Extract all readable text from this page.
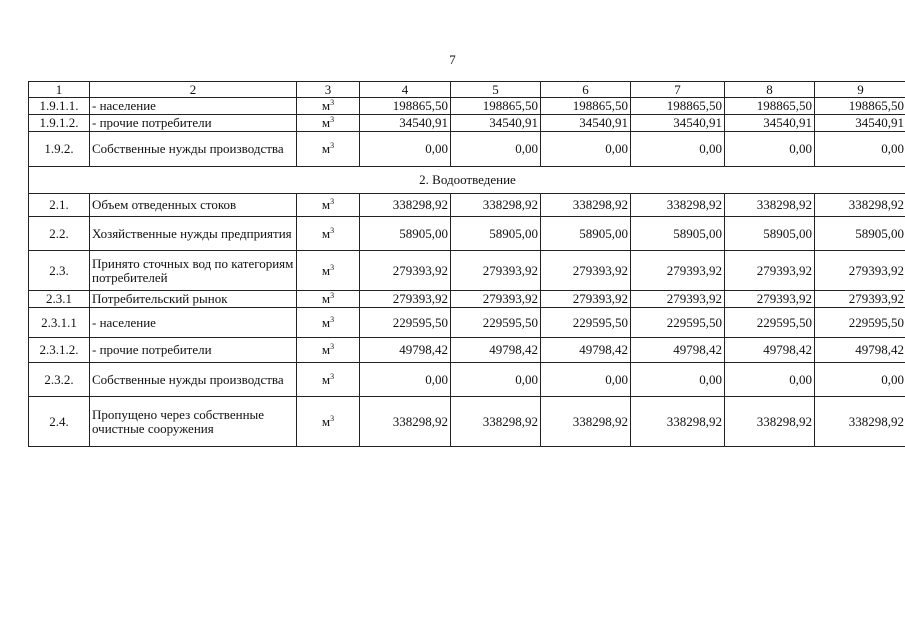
7
1	2	3	4	5	6	7	8	9
1.9.1.1.	- население	$м^3$	198865,50	198865,50	198865,50	198865,50	198865,50	198865,50
1.9.1.2.	- прочие потребители	$м^3$	34540,91	34540,91	34540,91	34540,91	34540,91	34540,91
1.9.2.	Собственные нужды производства	$м^3$	0,00	0,00	0,00	0,00	0,00	0,00
2. Водоотведение								
2.1.	Объем отведенных стоков	$м^3$	338298,92	338298,92	338298,92	338298,92	338298,92	338298,92
2.2.	Хозяйственные нужды предприятия	$м^3$	58905,00	58905,00	58905,00	58905,00	58905,00	58905,00
2.3.	Принято сточных вод по категориям потребителей	$м^3$	279393,92	279393,92	279393,92	279393,92	279393,92	279393,92
2.3.1	Потребительский рынок	$м^3$	279393,92	279393,92	279393,92	279393,92	279393,92	279393,92
2.3.1.1	- население	$м^3$	229595,50	229595,50	229595,50	229595,50	229595,50	229595,50
2.3.1.2.	- прочие потребители	$м^3$	49798,42	49798,42	49798,42	49798,42	49798,42	49798,42
2.3.2.	Собственные нужды производства	$м^3$	0,00	0,00	0,00	0,00	0,00	0,00
2.4.	Пропущено через собственные очистные сооружения	$м^3$	338298,92	338298,92	338298,92	338298,92	338298,92	338298,92
